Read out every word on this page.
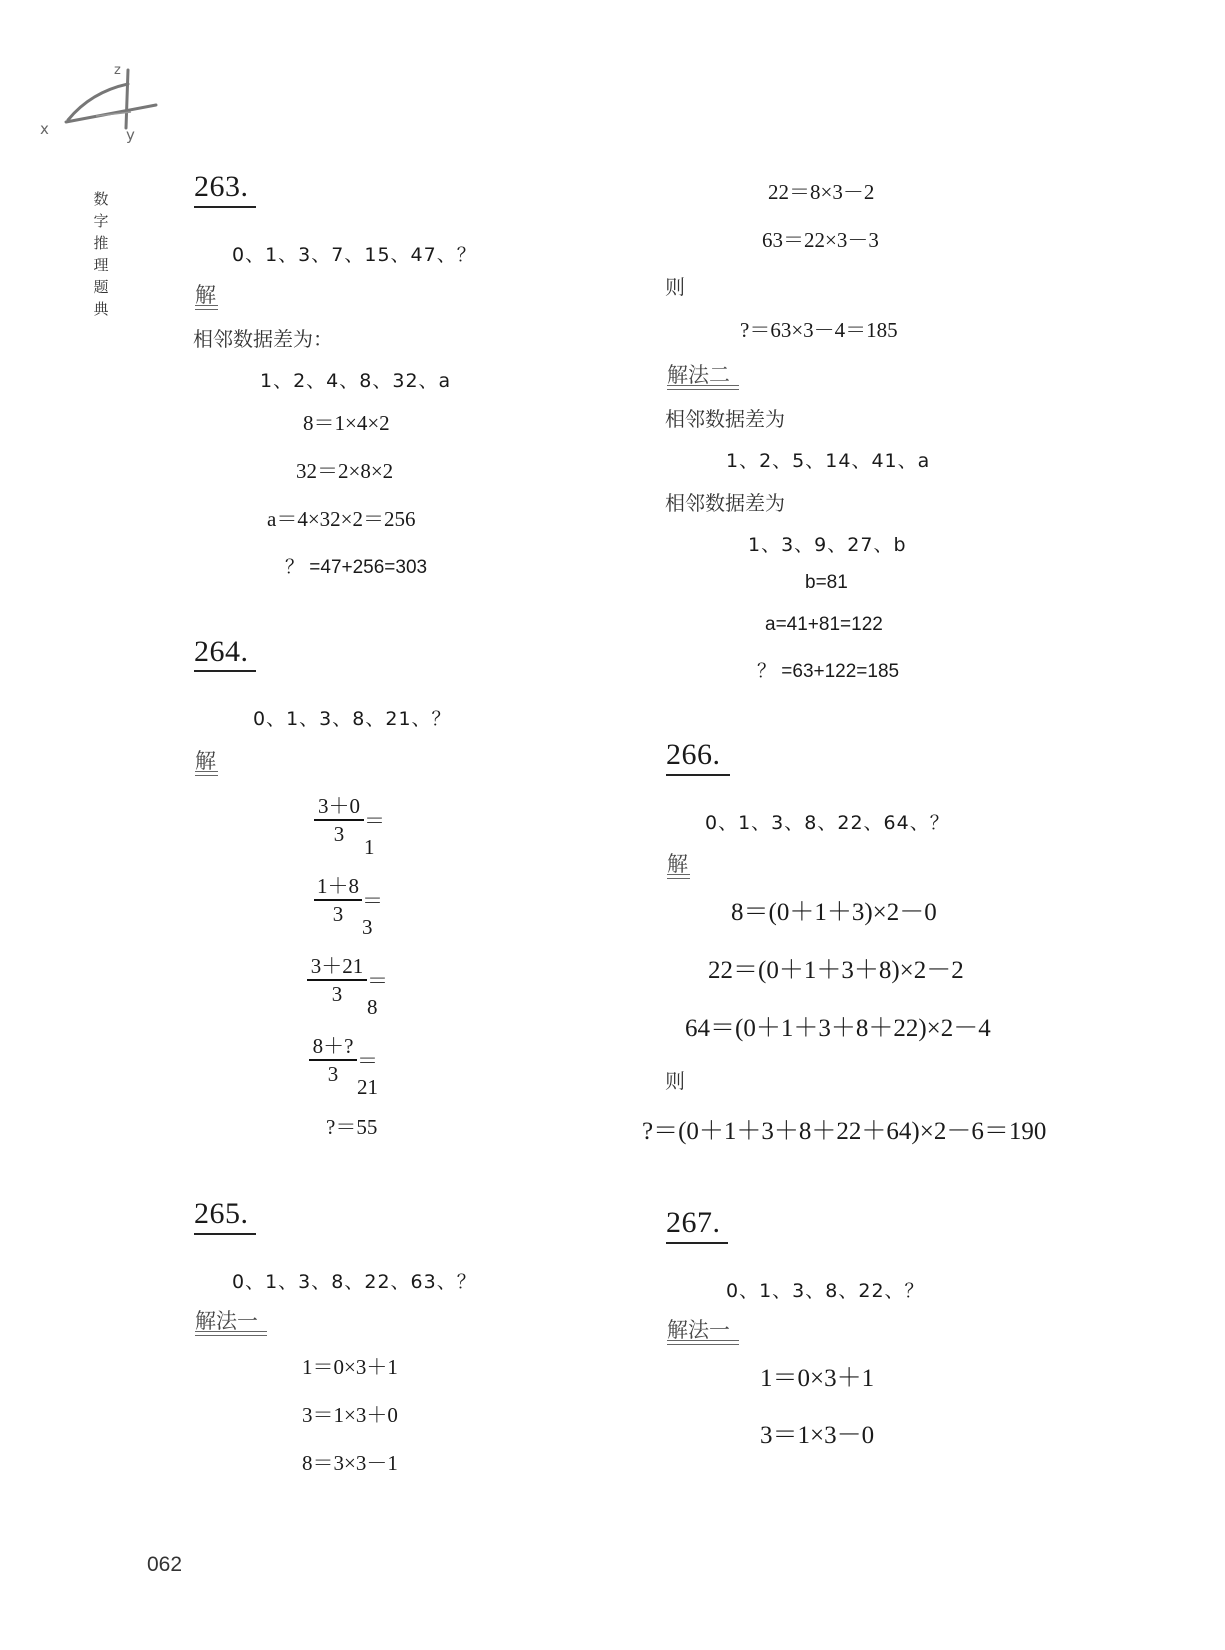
z
x	y
数
字
推
理
题
典
263.
0、1、3、7、15、47、？
解
相邻数据差为：
1、2、4、8、32、a
8＝1×4×2
32＝2×8×2
a＝4×32×2＝256
？ =47+256=303
264.
0、1、3、8、21、？
解
3＋0
3
＝1
1＋8
3
＝3
3＋21
3
＝8
8＋?
3
＝21
?＝55
265.
0、1、3、8、22、63、？
解法一
1＝0×3＋1
3＝1×3＋0
8＝3×3－1
22＝8×3－2
63＝22×3－3
则
?＝63×3－4＝185
解法二
相邻数据差为
1、2、5、14、41、a
相邻数据差为
1、3、9、27、b
b=81
a=41+81=122
？ =63+122=185
266.
0、1、3、8、22、64、？
解
8＝(0＋1＋3)×2－0
22＝(0＋1＋3＋8)×2－2
64＝(0＋1＋3＋8＋22)×2－4
则
?＝(0＋1＋3＋8＋22＋64)×2－6＝190
267.
0、1、3、8、22、？
解法一
1＝0×3＋1
3＝1×3－0
062
